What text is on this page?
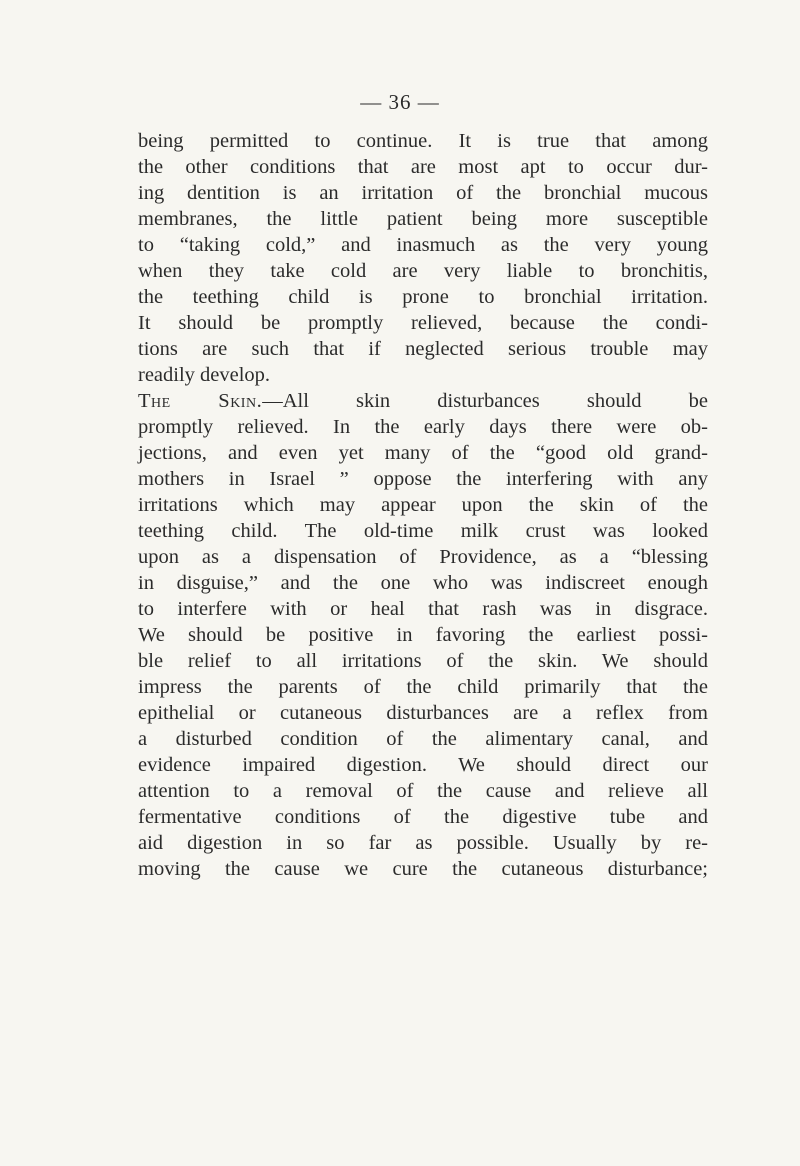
— 36 —
being permitted to continue. It is true that among
the other conditions that are most apt to occur dur-
ing dentition is an irritation of the bronchial mucous
membranes, the little patient being more susceptible
to “taking cold,” and inasmuch as the very young
when they take cold are very liable to bronchitis,
the teething child is prone to bronchial irritation.
It should be promptly relieved, because the condi-
tions are such that if neglected serious trouble may
readily develop.
The Skin.—All skin disturbances should be
promptly relieved. In the early days there were ob-
jections, and even yet many of the “good old grand-
mothers in Israel ” oppose the interfering with any
irritations which may appear upon the skin of the
teething child. The old-time milk crust was looked
upon as a dispensation of Providence, as a “blessing
in disguise,” and the one who was indiscreet enough
to interfere with or heal that rash was in disgrace.
We should be positive in favoring the earliest possi-
ble relief to all irritations of the skin. We should
impress the parents of the child primarily that the
epithelial or cutaneous disturbances are a reflex from
a disturbed condition of the alimentary canal, and
evidence impaired digestion. We should direct our
attention to a removal of the cause and relieve all
fermentative conditions of the digestive tube and
aid digestion in so far as possible. Usually by re-
moving the cause we cure the cutaneous disturbance;
